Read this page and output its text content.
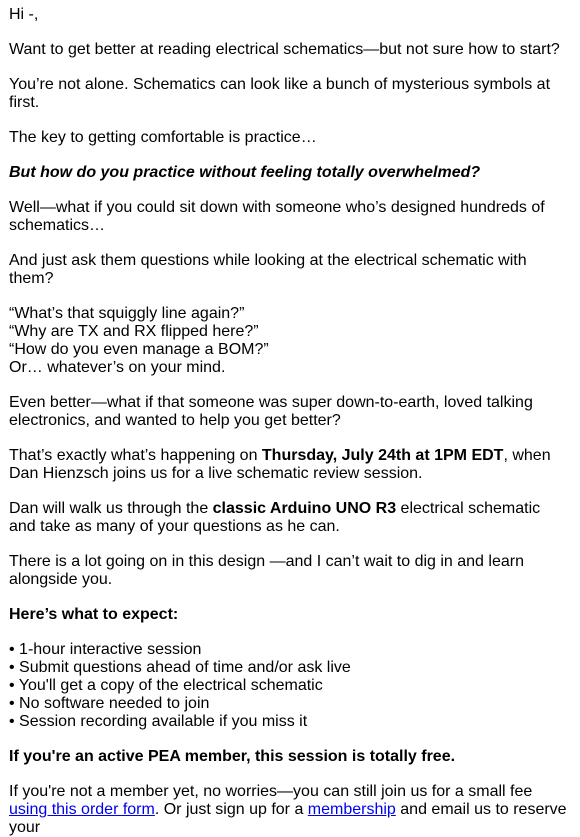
Hi -,

Want to get better at reading electrical schematics—but not sure how to start?

You’re not alone. Schematics can look like a bunch of mysterious symbols at first.

The key to getting comfortable is practice…

But how do you practice without feeling totally overwhelmed?

Well—what if you could sit down with someone who’s designed hundreds of schematics…

And just ask them questions while looking at the electrical schematic with them?

“What’s that squiggly line again?”
“Why are TX and RX flipped here?”
“How do you even manage a BOM?”
Or… whatever’s on your mind.

Even better—what if that someone was super down-to-earth, loved talking electronics, and wanted to help you get better?

That’s exactly what’s happening on Thursday, July 24th at 1PM EDT, when Dan Hienzsch joins us for a live schematic review session.

Dan will walk us through the classic Arduino UNO R3 electrical schematic and take as many of your questions as he can.

There is a lot going on in this design —and I can’t wait to dig in and learn alongside you.

Here’s what to expect:

• 1-hour interactive session
• Submit questions ahead of time and/or ask live
• You'll get a copy of the electrical schematic
• No software needed to join
• Session recording available if you miss it

If you're an active PEA member, this session is totally free.

If you're not a member yet, no worries—you can still join us for a small fee using this order form. Or just sign up for a membership and email us to reserve your
